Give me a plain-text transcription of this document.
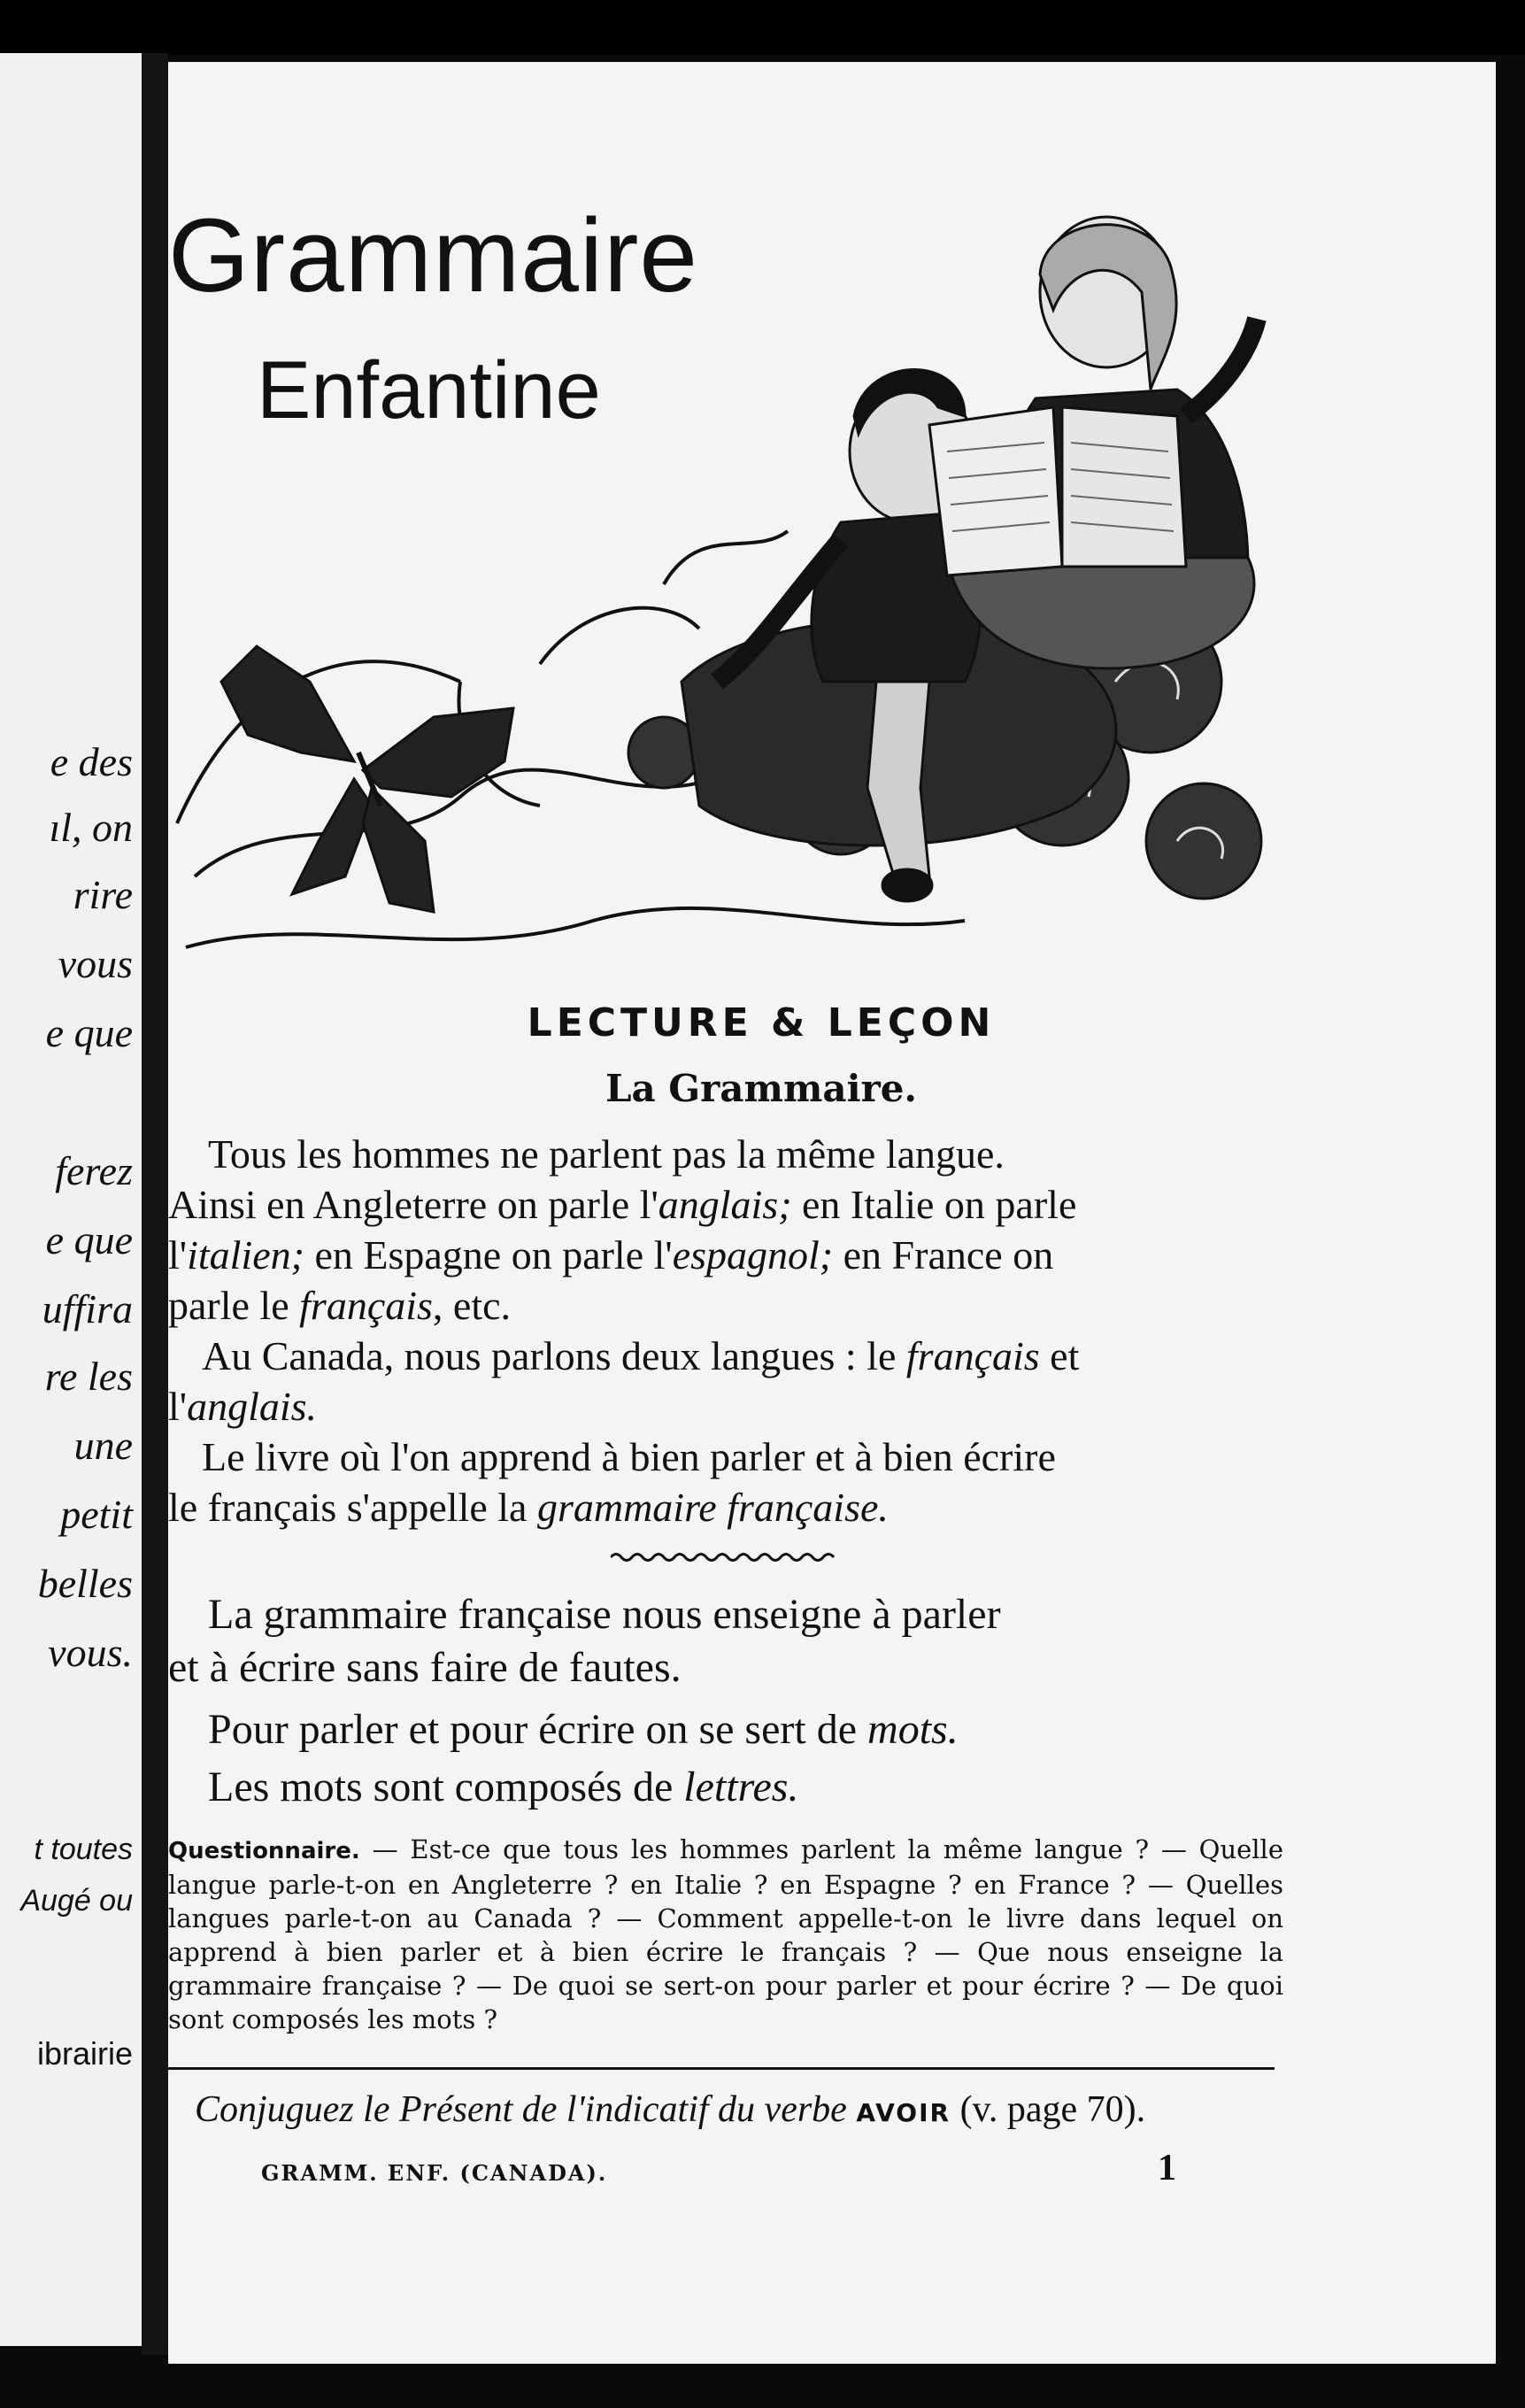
e des
ıl, on
rire
vous
e que
ferez
e que
uffira
re les
une
petit
belles
vous.
t toutes
Augé ou
ibrairie
Grammaire
Enfantine
LECTURE & LEÇON
La Grammaire.
Tous les hommes ne parlent pas la même langue.
Ainsi en Angleterre on parle l'anglais; en Italie on parle
l'italien; en Espagne on parle l'espagnol; en France on
parle le français, etc.
Au Canada, nous parlons deux langues : le français et
l'anglais.
Le livre où l'on apprend à bien parler et à bien écrire
le français s'appelle la grammaire française.
La grammaire française nous enseigne à parler
et à écrire sans faire de fautes.
Pour parler et pour écrire on se sert de mots.
Les mots sont composés de lettres.
Questionnaire. — Est-ce que tous les hommes parlent la même langue ? — Quelle langue parle-t-on en Angleterre ? en Italie ? en Espagne ? en France ? — Quelles langues parle-t-on au Canada ? — Comment appelle-t-on le livre dans lequel on apprend à bien parler et à bien écrire le français ? — Que nous enseigne la grammaire française ? — De quoi se sert-on pour parler et pour écrire ? — De quoi sont composés les mots ?
Conjuguez le Présent de l'indicatif du verbe AVOIR (v. page 70).
GRAMM. ENF. (CANADA).	1
